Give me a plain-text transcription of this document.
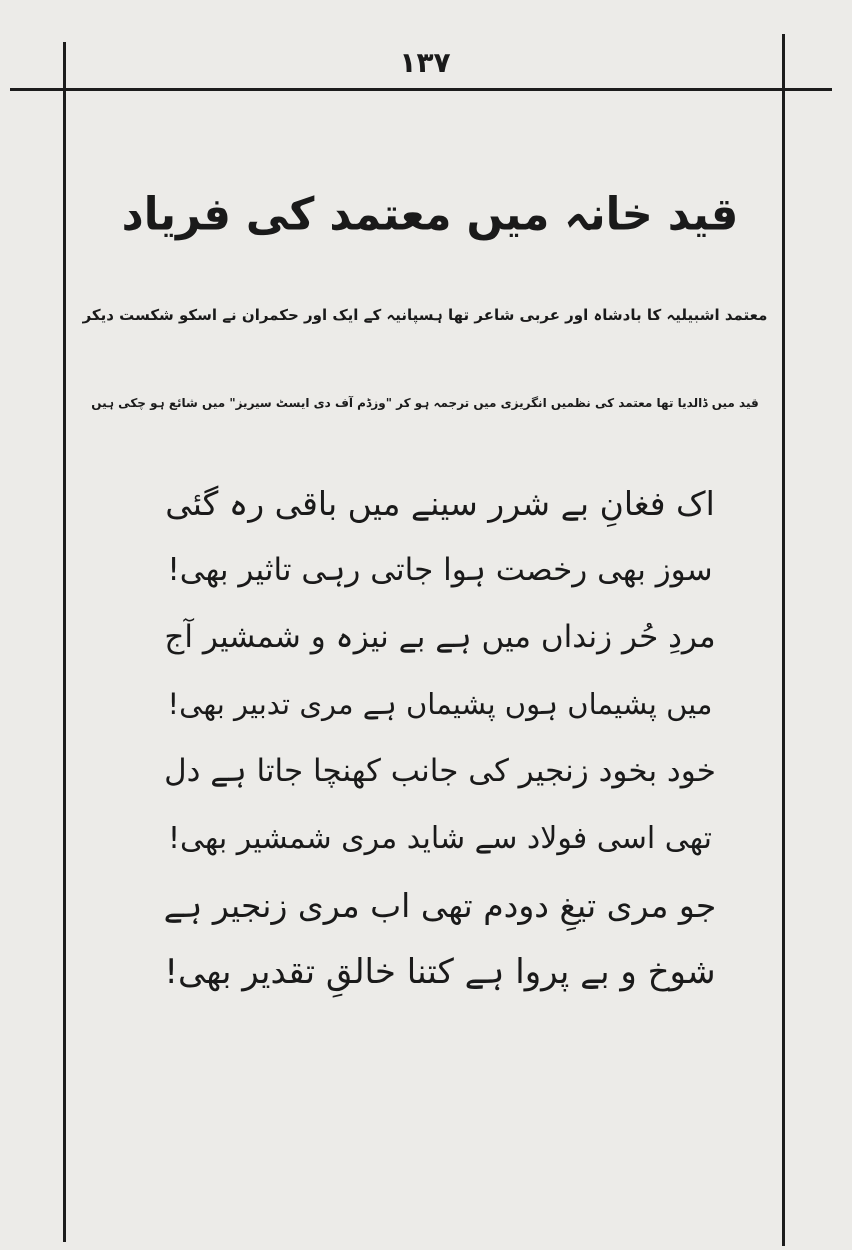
۱۳۷
قید خانہ میں معتمد کی فریاد
معتمد اشبیلیہ کا بادشاہ اور عربی شاعر تھا ہسپانیہ کے ایک اور حکمران نے اسکو شکست دیکر
قید میں ڈالدیا تھا معتمد کی نظمیں انگریزی میں ترجمہ ہو کر "وزڈم آف دی ایسٹ سیریز" میں شائع ہو چکی ہیں
اک فغانِ بے شرر سینے میں باقی رہ گئی
سوز بھی رخصت ہوا جاتی رہی تاثیر بھی!
مردِ حُر زنداں میں ہے بے نیزہ و شمشیر آج
میں پشیماں ہوں پشیماں ہے مری تدبیر بھی!
خود بخود زنجیر کی جانب کھنچا جاتا ہے دل
تھی اسی فولاد سے شاید مری شمشیر بھی!
جو مری تیغِ دودم تھی اب مری زنجیر ہے
شوخ و بے پروا ہے کتنا خالقِ تقدیر بھی!
